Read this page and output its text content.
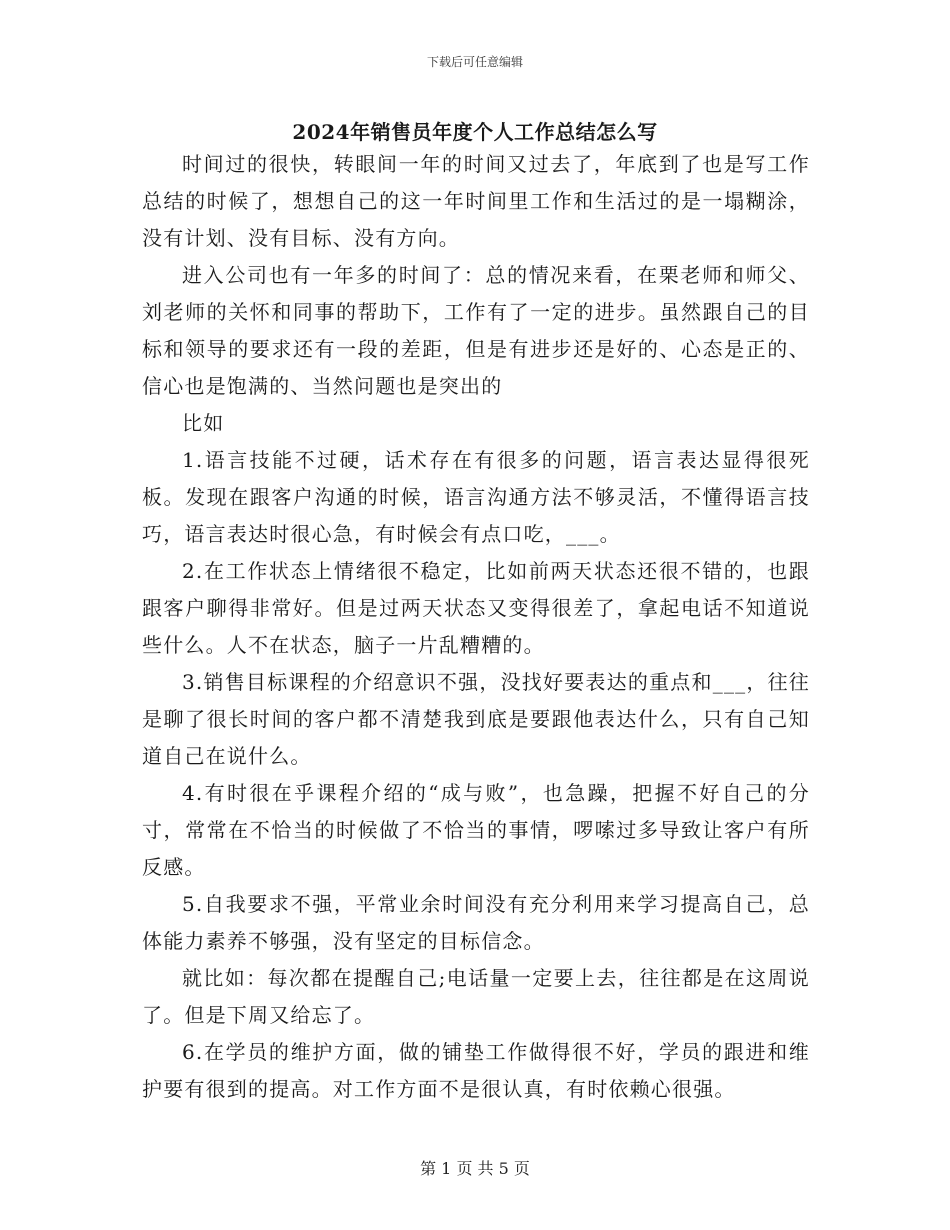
下载后可任意编辑
2024年销售员年度个人工作总结怎么写

时间过的很快，转眼间一年的时间又过去了，年底到了也是写工作总结的时候了，想想自己的这一年时间里工作和生活过的是一塌糊涂，没有计划、没有目标、没有方向。

进入公司也有一年多的时间了：总的情况来看，在栗老师和师父、刘老师的关怀和同事的帮助下，工作有了一定的进步。虽然跟自己的目标和领导的要求还有一段的差距，但是有进步还是好的、心态是正的、信心也是饱满的、当然问题也是突出的

比如

1.语言技能不过硬，话术存在有很多的问题，语言表达显得很死板。发现在跟客户沟通的时候，语言沟通方法不够灵活，不懂得语言技巧，语言表达时很心急，有时候会有点口吃，___。

2.在工作状态上情绪很不稳定，比如前两天状态还很不错的，也跟跟客户聊得非常好。但是过两天状态又变得很差了，拿起电话不知道说些什么。人不在状态，脑子一片乱糟糟的。

3.销售目标课程的介绍意识不强，没找好要表达的重点和___，往往是聊了很长时间的客户都不清楚我到底是要跟他表达什么，只有自己知道自己在说什么。

4.有时很在乎课程介绍的“成与败”，也急躁，把握不好自己的分寸，常常在不恰当的时候做了不恰当的事情，啰嗦过多导致让客户有所反感。

5.自我要求不强，平常业余时间没有充分利用来学习提高自己，总体能力素养不够强，没有坚定的目标信念。

就比如：每次都在提醒自己;电话量一定要上去，往往都是在这周说了。但是下周又给忘了。

6.在学员的维护方面，做的铺垫工作做得很不好，学员的跟进和维护要有很到的提高。对工作方面不是很认真，有时依赖心很强。

第 1 页 共 5 页
